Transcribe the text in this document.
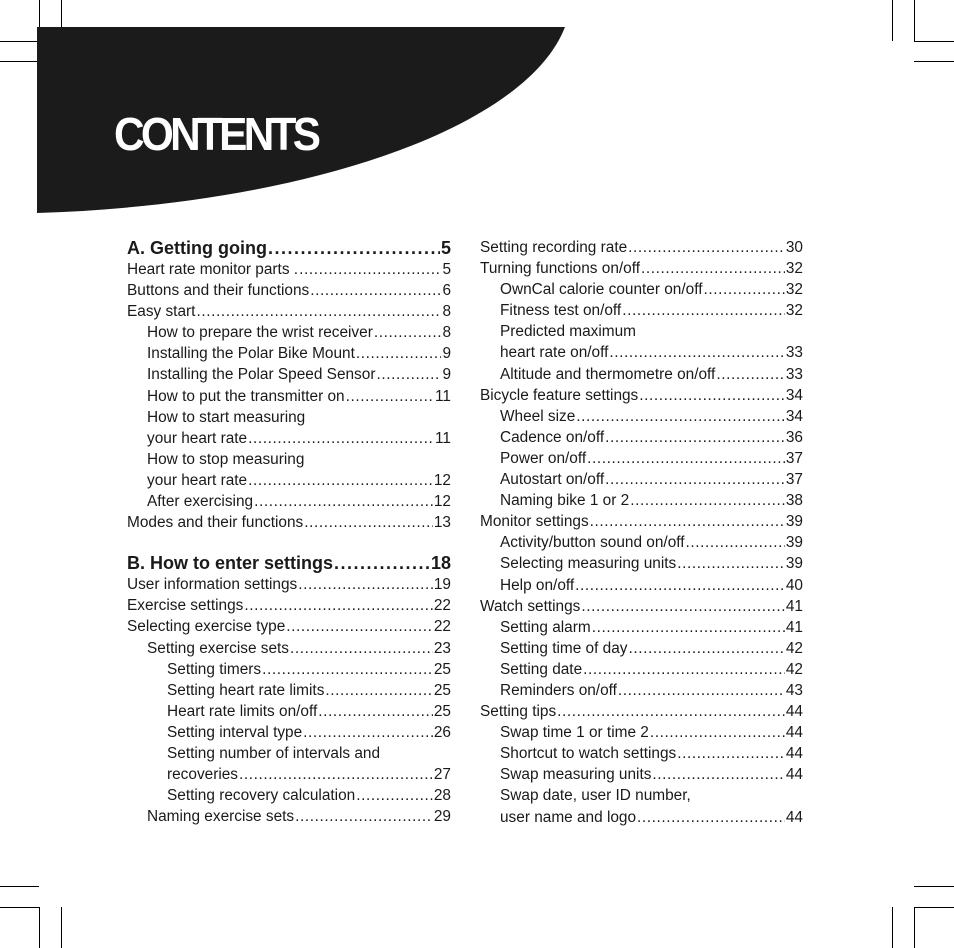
CONTENTS
A. Getting going .....	5
Heart rate monitor parts . .....	5
Buttons and their functions .....	6
Easy start .....	8
How to prepare the wrist receiver .....	8
Installing the Polar Bike Mount .....	9
Installing the Polar Speed Sensor .....	9
How to put the transmitter on .....	11
How to start measuring
your heart rate .....	11
How to stop measuring
your heart rate .....	12
After exercising .....	12
Modes and their functions .....	13
B. How to enter settings .....	18
User information settings .....	19
Exercise settings .....	22
Selecting exercise type .....	22
Setting exercise sets .....	23
Setting timers .....	25
Setting heart rate limits .....	25
Heart rate limits on/off .....	25
Setting interval type .....	26
Setting number of intervals and
recoveries .....	27
Setting recovery calculation .....	28
Naming exercise sets .....	29
Setting recording rate .....	30
Turning functions on/off .....	32
OwnCal calorie counter on/off .....	32
Fitness test on/off .....	32
Predicted maximum
heart rate on/off .....	33
Altitude and thermometre on/off .....	33
Bicycle feature settings .....	34
Wheel size .....	34
Cadence on/off .....	36
Power on/off .....	37
Autostart on/off .....	37
Naming bike 1 or 2 .....	38
Monitor settings .....	39
Activity/button sound on/off .....	39
Selecting measuring units .....	39
Help on/off .....	40
Watch settings .....	41
Setting alarm .....	41
Setting time of day .....	42
Setting date .....	42
Reminders on/off .....	43
Setting tips .....	44
Swap time 1 or time 2 .....	44
Shortcut to watch settings .....	44
Swap measuring units .....	44
Swap date, user ID number,
user name and logo .....	44
